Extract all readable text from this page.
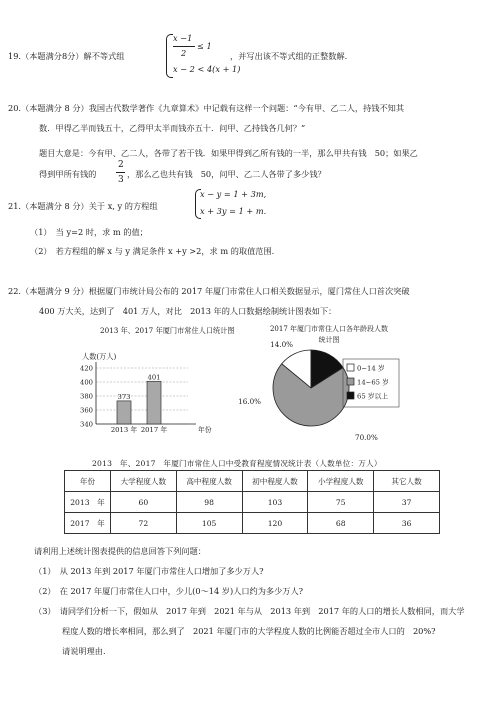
19.（本题满分8分）解不等式组
x −1
2
≤ 1
x − 2 < 4(x + 1)
，并写出该不等式组的正整数解.
20.（本题满分 8 分）我国古代数学著作《九章算术》中记载有这样一个问题：“今有甲、乙二人，持钱不知其
数．甲得乙半而钱五十，乙得甲太半而钱亦五十．问甲、乙持钱各几何？”
题目大意是：今有甲、乙二人，各带了若干钱．如果甲得到乙所有钱的一半，那么甲共有钱　50；如果乙
得到甲所有钱的
2
3
，那么乙也共有钱　50，问甲、乙二人各带了多少钱？
21.（本题满分 8 分）关于 x, y 的方程组
x − y = 1 + 3m,
x + 3y = 1 + m.
（1）　当 y=2 时，求 m 的值；
（2）　若方程组的解 x 与 y 满足条件 x +y >2，求 m 的取值范围.
22.（本题满分 9 分）根据厦门市统计局公布的 2017 年厦门市常住人口相关数据显示，厦门常住人口首次突破
400 万大关，达到了　401 万人，对比　2013 年的人口数据绘制统计图表如下：
2013 年、2017 年厦门市常住人口统计图
人数(万人)
340
360
380
400
420
373
2013 年
401
2017 年	年份
2017 年厦门市常住人口各年龄段人数统计图
14.0%
70.0%
16.0%
0~14 岁
14~65 岁
65 岁以上
2013　年、2017　年厦门市常住人口中受教育程度情况统计表（人数单位：万人）
年份	大学程度人数	高中程度人数	初中程度人数	小学程度人数	其它人数
2013　年	60	98	103	75	37
2017　年	72	105	120	68	36
请利用上述统计图表提供的信息回答下列问题：
（1）　从 2013 年到 2017 年厦门市常住人口增加了多少万人?
（2）　在 2017 年厦门市常住人口中，少儿(0～14 岁)人口约为多少万人?
（3）　请同学们分析一下，假如从　2017 年到　2021 年与从　2013 年到　2017 年的人口的增长人数相同，而大学
程度人数的增长率相同，那么到了　2021 年厦门市的大学程度人数的比例能否超过全市人口的　20%?
请说明理由.
